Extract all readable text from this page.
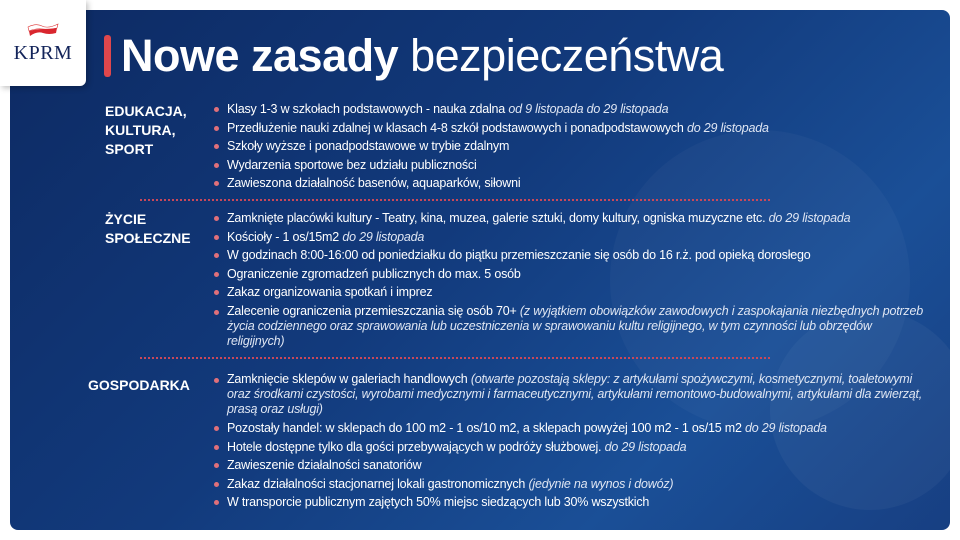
KPRM	Nowe zasady bezpieczeństwa
EDUKACJA,
KULTURA,
SPORT
Klasy 1-3 w szkołach podstawowych - nauka zdalna od 9 listopada do 29 listopada
Przedłużenie nauki zdalnej w klasach 4-8 szkół podstawowych i ponadpodstawowych do 29 listopada
Szkoły wyższe i ponadpodstawowe w trybie zdalnym
Wydarzenia sportowe bez udziału publiczności
Zawieszona działalność basenów, aquaparków, siłowni
ŻYCIE
SPOŁECZNE
Zamknięte placówki kultury - Teatry, kina, muzea, galerie sztuki, domy kultury, ogniska muzyczne etc. do 29 listopada
Kościoły - 1 os/15m2 do 29 listopada
W godzinach 8:00-16:00 od poniedziałku do piątku przemieszczanie się osób do 16 r.ż. pod opieką dorosłego
Ograniczenie zgromadzeń publicznych do max. 5 osób
Zakaz organizowania spotkań i imprez
Zalecenie ograniczenia przemieszczania się osób 70+ (z wyjątkiem obowiązków zawodowych i zaspokajania niezbędnych potrzeb życia codziennego oraz sprawowania lub uczestniczenia w sprawowaniu kultu religijnego, w tym czynności lub obrzędów religijnych)
GOSPODARKA	Zamknięcie sklepów w galeriach handlowych (otwarte pozostają sklepy: z artykułami spożywczymi, kosmetycznymi, toaletowymi oraz środkami czystości, wyrobami medycznymi i farmaceutycznymi, artykułami remontowo-budowalnymi, artykułami dla zwierząt, prasą oraz usługi)
Pozostały handel: w sklepach do 100 m2 - 1 os/10 m2, a sklepach powyżej 100 m2 - 1 os/15 m2 do 29 listopada
Hotele dostępne tylko dla gości przebywających w podróży służbowej. do 29 listopada
Zawieszenie działalności sanatoriów
Zakaz działalności stacjonarnej lokali gastronomicznych (jedynie na wynos i dowóz)
W transporcie publicznym zajętych 50% miejsc siedzących lub 30% wszystkich
